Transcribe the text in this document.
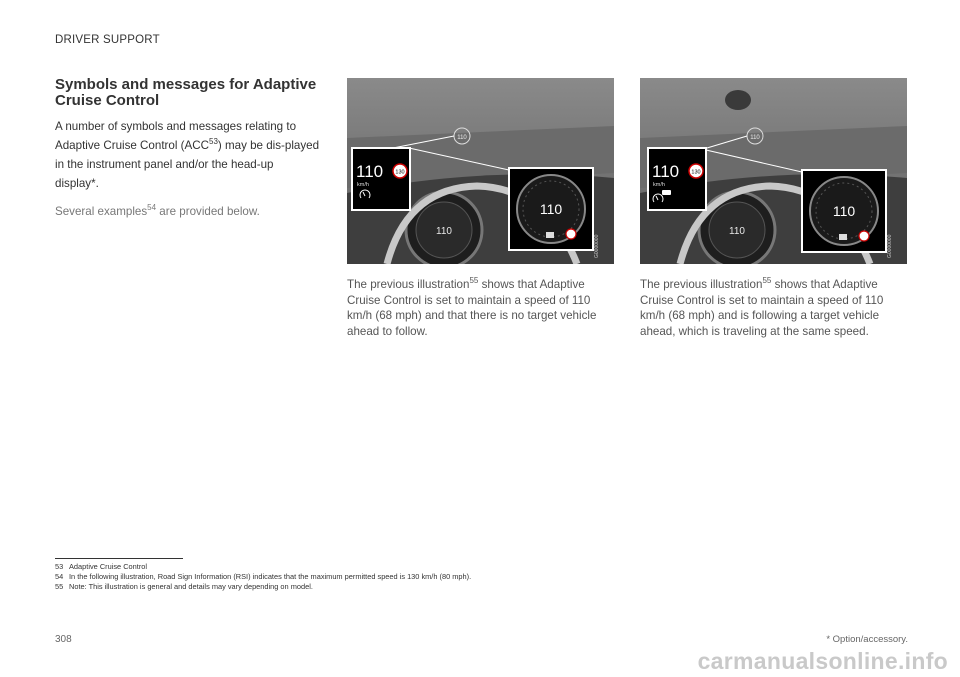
DRIVER SUPPORT
Symbols and messages for Adaptive Cruise Control

A number of symbols and messages relating to Adaptive Cruise Control (ACC$^{53}$) may be dis-played in the instrument panel and/or the head-up display*.

Several examples$^{54}$ are provided below.

110
110
110
km/h
130
110
G0000000
110
110
110
km/h
130
110
G0000000

The previous illustration$^{55}$ shows that Adaptive Cruise Control is set to maintain a speed of 110 km/h (68 mph) and that there is no target vehicle ahead to follow.

The previous illustration$^{55}$ shows that Adaptive Cruise Control is set to maintain a speed of 110 km/h (68 mph) and is following a target vehicle ahead, which is traveling at the same speed.

53 Adaptive Cruise Control
54 In the following illustration, Road Sign Information (RSI) indicates that the maximum permitted speed is 130 km/h (80 mph).
55 Note: This illustration is general and details may vary depending on model.
308	* Option/accessory.
carmanualsonline.info
